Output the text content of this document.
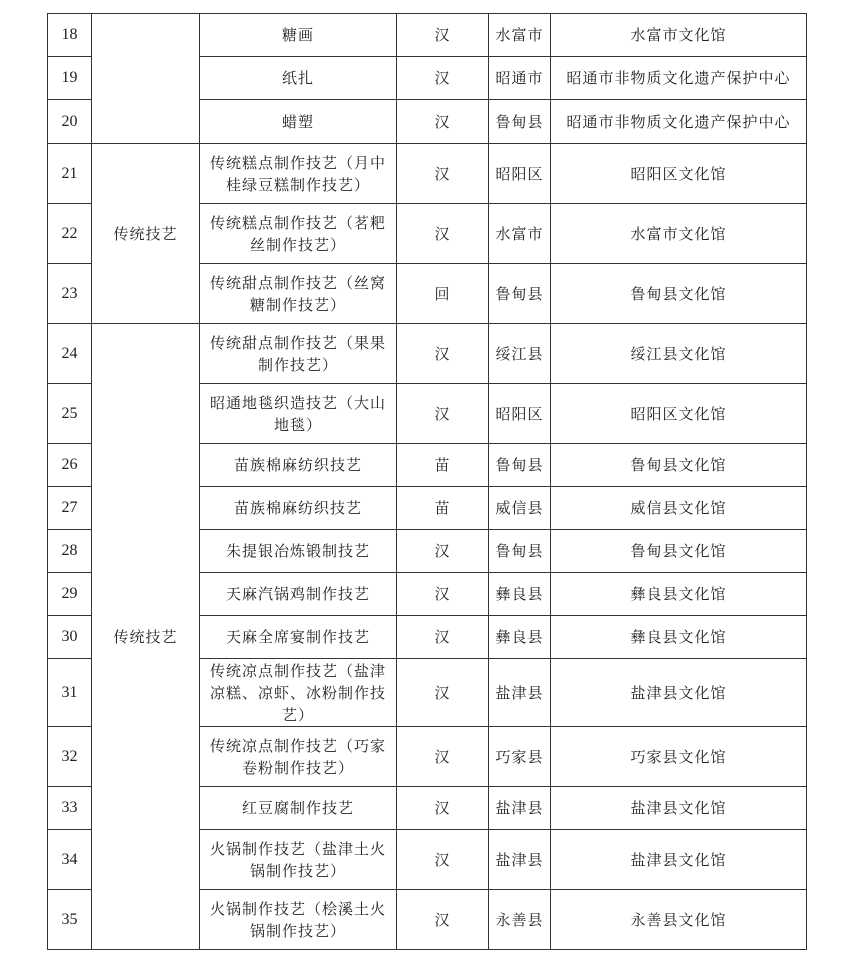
18		糖画	汉	水富市	水富市文化馆
19		纸扎	汉	昭通市	昭通市非物质文化遗产保护中心
20		蜡塑	汉	鲁甸县	昭通市非物质文化遗产保护中心
21	传统技艺	传统糕点制作技艺（月中桂绿豆糕制作技艺）	汉	昭阳区	昭阳区文化馆
22		传统糕点制作技艺（茗粑丝制作技艺）	汉	水富市	水富市文化馆
23		传统甜点制作技艺（丝窝糖制作技艺）	回	鲁甸县	鲁甸县文化馆
24	传统技艺	传统甜点制作技艺（果果制作技艺）	汉	绥江县	绥江县文化馆
25		昭通地毯织造技艺（大山地毯）	汉	昭阳区	昭阳区文化馆
26		苗族棉麻纺织技艺	苗	鲁甸县	鲁甸县文化馆
27		苗族棉麻纺织技艺	苗	威信县	威信县文化馆
28		朱提银冶炼锻制技艺	汉	鲁甸县	鲁甸县文化馆
29		天麻汽锅鸡制作技艺	汉	彝良县	彝良县文化馆
30		天麻全席宴制作技艺	汉	彝良县	彝良县文化馆
31		传统凉点制作技艺（盐津凉糕、凉虾、冰粉制作技艺）	汉	盐津县	盐津县文化馆
32		传统凉点制作技艺（巧家卷粉制作技艺）	汉	巧家县	巧家县文化馆
33		红豆腐制作技艺	汉	盐津县	盐津县文化馆
34		火锅制作技艺（盐津土火锅制作技艺）	汉	盐津县	盐津县文化馆
35		火锅制作技艺（桧溪土火锅制作技艺）	汉	永善县	永善县文化馆
